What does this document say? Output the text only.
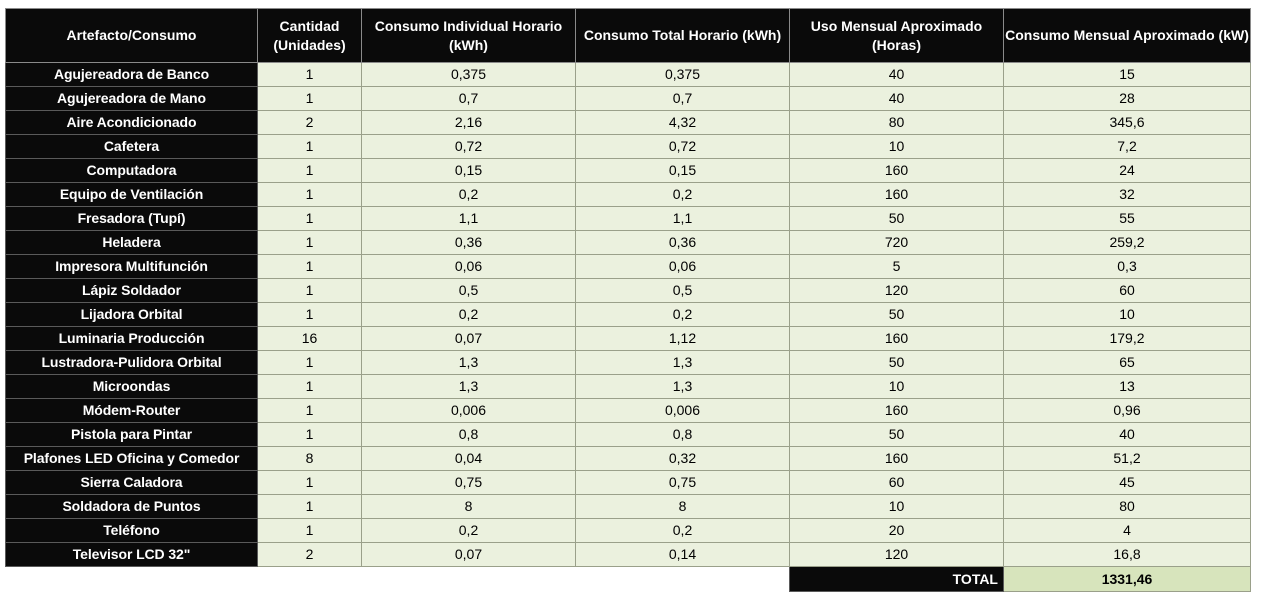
Artefacto/Consumo	Cantidad (Unidades)	Consumo Individual Horario (kWh)	Consumo Total Horario (kWh)	Uso Mensual Aproximado (Horas)	Consumo Mensual Aproximado (kW)
Agujereadora de Banco	1	0,375	0,375	40	15
Agujereadora de Mano	1	0,7	0,7	40	28
Aire Acondicionado	2	2,16	4,32	80	345,6
Cafetera	1	0,72	0,72	10	7,2
Computadora	1	0,15	0,15	160	24
Equipo de Ventilación	1	0,2	0,2	160	32
Fresadora (Tupí)	1	1,1	1,1	50	55
Heladera	1	0,36	0,36	720	259,2
Impresora Multifunción	1	0,06	0,06	5	0,3
Lápiz Soldador	1	0,5	0,5	120	60
Lijadora Orbital	1	0,2	0,2	50	10
Luminaria Producción	16	0,07	1,12	160	179,2
Lustradora-Pulidora Orbital	1	1,3	1,3	50	65
Microondas	1	1,3	1,3	10	13
Módem-Router	1	0,006	0,006	160	0,96
Pistola para Pintar	1	0,8	0,8	50	40
Plafones LED Oficina y Comedor	8	0,04	0,32	160	51,2
Sierra Caladora	1	0,75	0,75	60	45
Soldadora de Puntos	1	8	8	10	80
Teléfono	1	0,2	0,2	20	4
Televisor LCD 32"	2	0,07	0,14	120	16,8
				TOTAL	1331,46
